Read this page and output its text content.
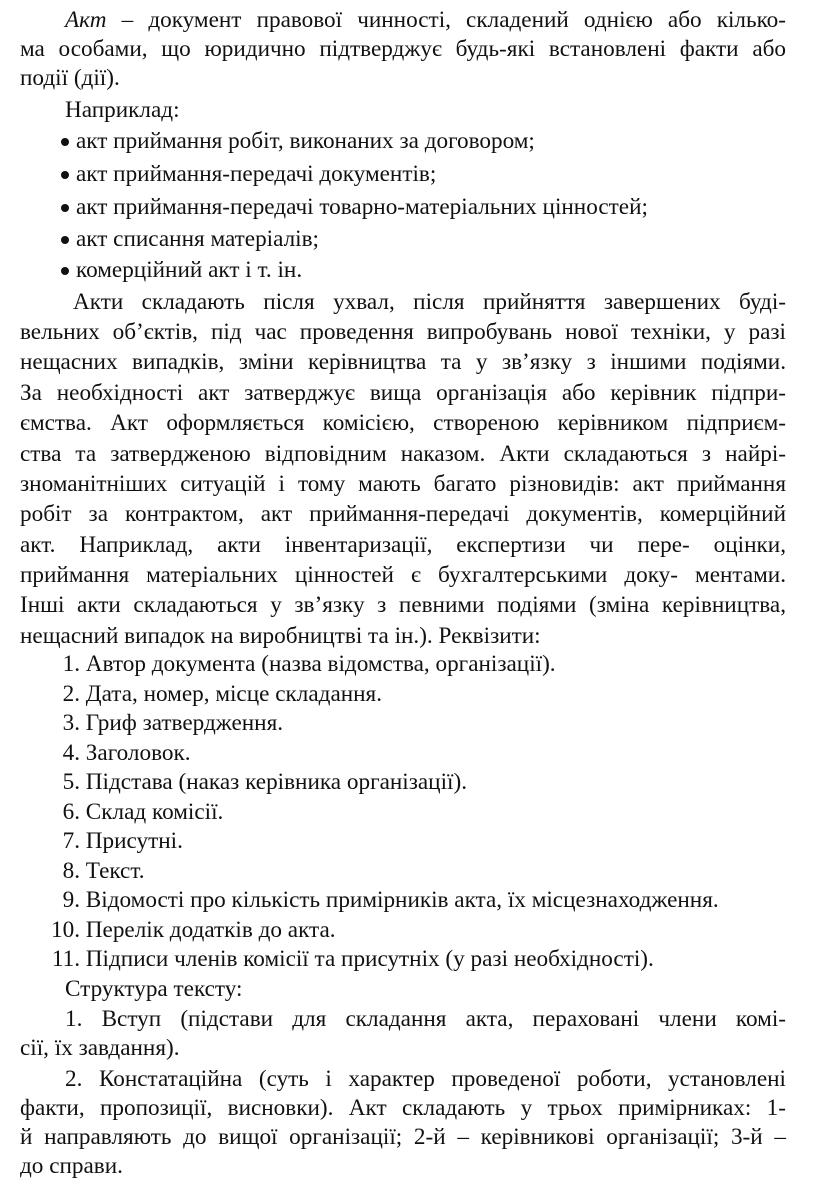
Акт – документ правової чинності, складений однією або кілько-
ма особами, що юридично підтверджує будь-які встановлені факти або
події (дії).
Наприклад:
акт приймання робіт, виконаних за договором;
акт приймання-передачі документів;
акт приймання-передачі товарно-матеріальних цінностей;
акт списання матеріалів;
комерційний акт і т. ін.
Акти складають після ухвал, після прийняття завершених буді-
вельних об’єктів, під час проведення випробувань нової техніки, у разі
нещасних випадків, зміни керівництва та у зв’язку з іншими подіями.
За необхідності акт затверджує вища організація або керівник підпри-
ємства. Акт оформляється комісією, створеною керівником підприєм-
ства та затвердженою відповідним наказом. Акти складаються з найрі-
зноманітніших ситуацій і тому мають багато різновидів: акт приймання
робіт за контрактом, акт приймання-передачі документів, комерційний
акт. Наприклад, акти інвентаризації, експертизи чи пере- оцінки,
приймання матеріальних цінностей є бухгалтерськими доку- ментами.
Інші акти складаються у зв’язку з певними подіями (зміна керівництва,
нещасний випадок на виробництві та ін.). Реквізити:
1. Автор документа (назва відомства, організації).
2. Дата, номер, місце складання.
3. Гриф затвердження.
4. Заголовок.
5. Підстава (наказ керівника організації).
6. Склад комісії.
7. Присутні.
8. Текст.
9. Відомості про кількість примірників акта, їх місцезнаходження.
10. Перелік додатків до акта.
11. Підписи членів комісії та присутніх (у разі необхідності).
Структура тексту:
1. Вступ (підстави для складання акта, пераховані члени комі-
сії, їх завдання).
2. Констатаційна (суть і характер проведеної роботи, установлені
факти, пропозиції, висновки). Акт складають у трьох примірниках: 1-
й направляють до вищої організації; 2-й – керівникові організації; 3-й –
до справи.
